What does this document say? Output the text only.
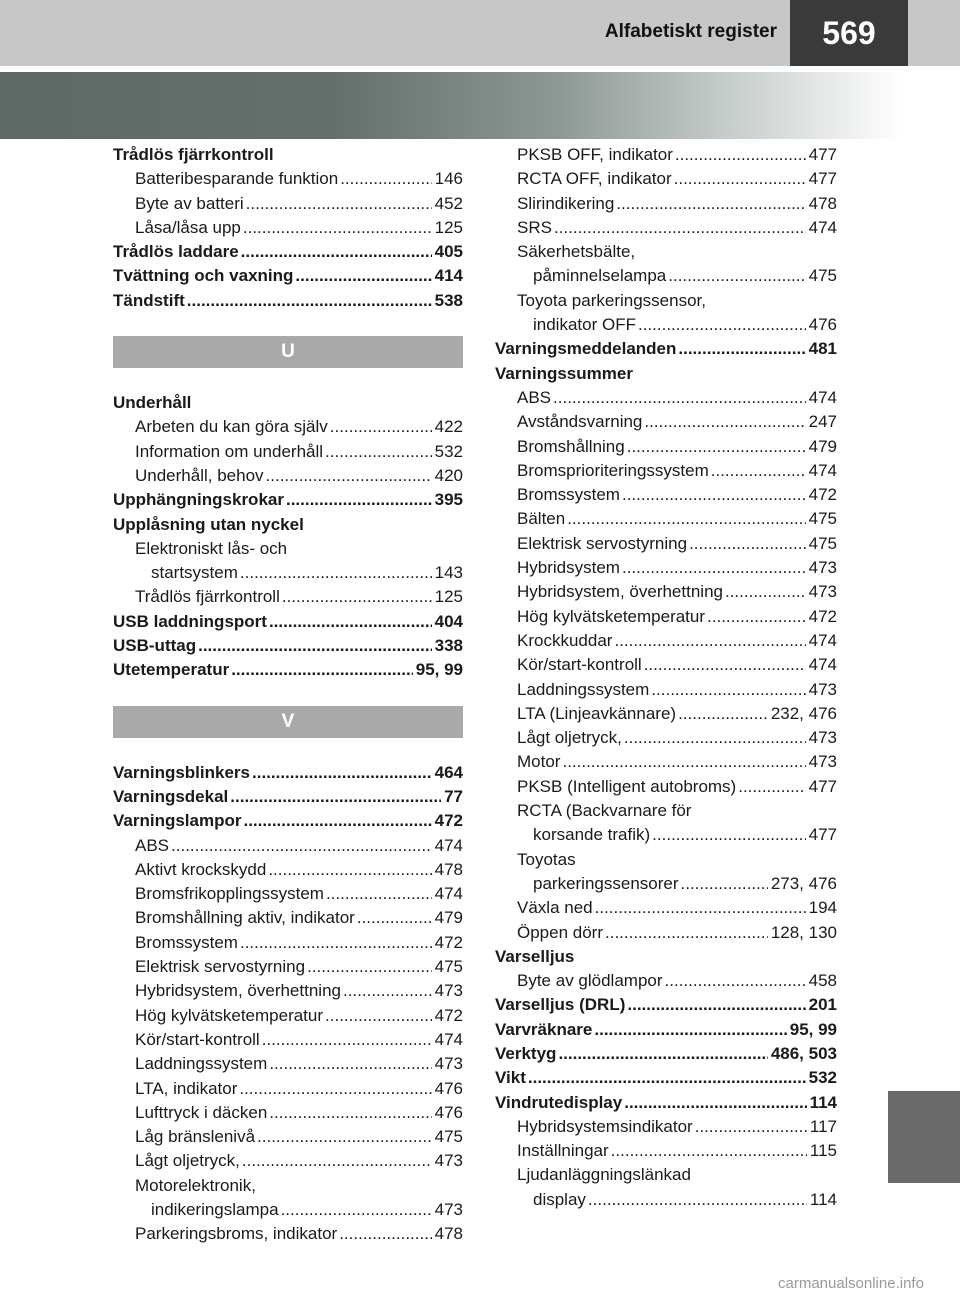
Alfabetiskt register	569
Trådlös fjärrkontroll
Batteribesparande funktion .....	146
Byte av batteri .....	452
Låsa/låsa upp .....	125
Trådlös laddare .....	405
Tvättning och vaxning .....	414
Tändstift .....	538
U
Underhåll
Arbeten du kan göra själv .....	422
Information om underhåll .....	532
Underhåll, behov .....	420
Upphängningskrokar .....	395
Upplåsning utan nyckel
Elektroniskt lås- och
startsystem .....	143
Trådlös fjärrkontroll .....	125
USB laddningsport .....	404
USB-uttag .....	338
Utetemperatur .....	95, 99
V
Varningsblinkers .....	464
Varningsdekal .....	77
Varningslampor .....	472
ABS .....	474
Aktivt krockskydd .....	478
Bromsfrikopplingssystem .....	474
Bromshållning aktiv, indikator .....	479
Bromssystem .....	472
Elektrisk servostyrning .....	475
Hybridsystem, överhettning .....	473
Hög kylvätsketemperatur .....	472
Kör/start-kontroll .....	474
Laddningssystem .....	473
LTA, indikator .....	476
Lufttryck i däcken .....	476
Låg bränslenivå .....	475
Lågt oljetryck, .....	473
Motorelektronik,
indikeringslampa .....	473
Parkeringsbroms, indikator .....	478
PKSB OFF, indikator .....	477
RCTA OFF, indikator .....	477
Slirindikering .....	478
SRS .....	474
Säkerhetsbälte,
påminnelselampa .....	475
Toyota parkeringssensor,
indikator OFF .....	476
Varningsmeddelanden .....	481
Varningssummer
ABS .....	474
Avståndsvarning .....	247
Bromshållning .....	479
Bromsprioriteringssystem .....	474
Bromssystem .....	472
Bälten .....	475
Elektrisk servostyrning .....	475
Hybridsystem .....	473
Hybridsystem, överhettning .....	473
Hög kylvätsketemperatur .....	472
Krockkuddar .....	474
Kör/start-kontroll .....	474
Laddningssystem .....	473
LTA (Linjeavkännare) .....	232, 476
Lågt oljetryck, .....	473
Motor .....	473
PKSB (Intelligent autobroms) .....	477
RCTA (Backvarnare för
korsande trafik) .....	477
Toyotas
parkeringssensorer .....	273, 476
Växla ned .....	194
Öppen dörr .....	128, 130
Varselljus
Byte av glödlampor .....	458
Varselljus (DRL) .....	201
Varvräknare .....	95, 99
Verktyg .....	486, 503
Vikt .....	532
Vindrutedisplay .....	114
Hybridsystemsindikator .....	117
Inställningar .....	115
Ljudanläggningslänkad
display .....	114
carmanualsonline.info
